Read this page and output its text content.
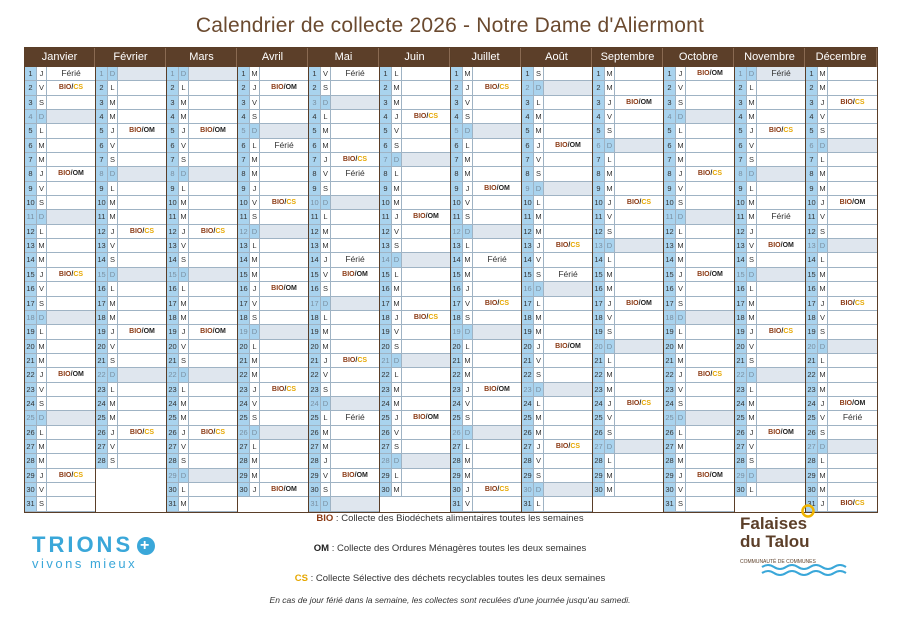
Calendrier de collecte 2026 - Notre Dame d'Aliermont
Janvier
1 J	Férié
2 V	BIO/CS
3 S
4 D
5 L
6 M
7 M
8 J	BIO/OM
9 V
10 S
11 D
12 L
13 M
14 M
15 J	BIO/CS
16 V
17 S
18 D
19 L
20 M
21 M
22 J	BIO/OM
23 V
24 S
25 D
26 L
27 M
28 M
29 J	BIO/CS
30 V
31 S
Février
1 D
2 L
3 M
4 M
5 J	BIO/OM
6 V
7 S
8 D
9 L
10 M
11 M
12 J	BIO/CS
13 V
14 S
15 D
16 L
17 M
18 M
19 J	BIO/OM
20 V
21 S
22 D
23 L
24 M
25 M
26 J	BIO/CS
27 V
28 S
Mars
1 D
2 L
3 M
4 M
5 J	BIO/OM
6 V
7 S
8 D
9 L
10 M
11 M
12 J	BIO/CS
13 V
14 S
15 D
16 L
17 M
18 M
19 J	BIO/OM
20 V
21 S
22 D
23 L
24 M
25 M
26 J	BIO/CS
27 V
28 S
29 D
30 L
31 M
Avril
1 M
2 J	BIO/OM
3 V
4 S
5 D
6 L	Férié
7 M
8 M
9 J
10 V	BIO/CS
11 S
12 D
13 L
14 M
15 M
16 J	BIO/OM
17 V
18 S
19 D
20 L
21 M
22 M
23 J	BIO/CS
24 V
25 S
26 D
27 L
28 M
29 M
30 J	BIO/OM
Mai
1 V	Férié
2 S
3 D
4 L
5 M
6 M
7 J	BIO/CS
8 V	Férié
9 S
10 D
11 L
12 M
13 M
14 J	Férié
15 V	BIO/OM
16 S
17 D
18 L
19 M
20 M
21 J	BIO/CS
22 V
23 S
24 D
25 L	Férié
26 M
27 M
28 J
29 V	BIO/OM
30 S
31 D
Juin
1 L
2 M
3 M
4 J	BIO/CS
5 V
6 S
7 D
8 L
9 M
10 M
11 J	BIO/OM
12 V
13 S
14 D
15 L
16 M
17 M
18 J	BIO/CS
19 V
20 S
21 D
22 L
23 M
24 M
25 J	BIO/OM
26 V
27 S
28 D
29 L
30 M
Juillet
1 M
2 J	BIO/CS
3 V
4 S
5 D
6 L
7 M
8 M
9 J	BIO/OM
10 V
11 S
12 D
13 L
14 M	Férié
15 M
16 J
17 V	BIO/CS
18 S
19 D
20 L
21 M
22 M
23 J	BIO/OM
24 V
25 S
26 D
27 L
28 M
29 M
30 J	BIO/CS
31 V
Août
1 S
2 D
3 L
4 M
5 M
6 J	BIO/OM
7 V
8 S
9 D
10 L
11 M
12 M
13 J	BIO/CS
14 V
15 S	Férié
16 D
17 L
18 M
19 M
20 J	BIO/OM
21 V
22 S
23 D
24 L
25 M
26 M
27 J	BIO/CS
28 V
29 S
30 D
31 L
Septembre
1 M
2 M
3 J	BIO/OM
4 V
5 S
6 D
7 L
8 M
9 M
10 J	BIO/CS
11 V
12 S
13 D
14 L
15 M
16 M
17 J	BIO/OM
18 V
19 S
20 D
21 L
22 M
23 M
24 J	BIO/CS
25 V
26 S
27 D
28 L
29 M
30 M
Octobre
1 J	BIO/OM
2 V
3 S
4 D
5 L
6 M
7 M
8 J	BIO/CS
9 V
10 S
11 D
12 L
13 M
14 M
15 J	BIO/OM
16 V
17 S
18 D
19 L
20 M
21 M
22 J	BIO/CS
23 V
24 S
25 D
26 L
27 M
28 M
29 J	BIO/OM
30 V
31 S
Novembre
1 D	Férié
2 L
3 M
4 M
5 J	BIO/CS
6 V
7 S
8 D
9 L
10 M
11 M	Férié
12 J
13 V	BIO/OM
14 S
15 D
16 L
17 M
18 M
19 J	BIO/CS
20 V
21 S
22 D
23 L
24 M
25 M
26 J	BIO/OM
27 V
28 S
29 D
30 L
Décembre
1 M
2 M
3 J	BIO/CS
4 V
5 S
6 D
7 L
8 M
9 M
10 J	BIO/OM
11 V
12 S
13 D
14 L
15 M
16 M
17 J	BIO/CS
18 V
19 S
20 D
21 L
22 M
23 M
24 J	BIO/OM
25 V	Férié
26 S
27 D
28 L
29 M
30 M
31 J	BIO/CS
BIO : Collecte des Biodéchets alimentaires toutes les semaines
OM : Collecte des Ordures Ménagères toutes les deux semaines
CS : Collecte Sélective des déchets recyclables toutes les deux semaines
En cas de jour férié dans la semaine, les collectes sont reculées d'une journée jusqu'au samedi.
TRIONS +
vivons mieux
Falaises
du Talou
COMMUNAUTÉ DE COMMUNES
